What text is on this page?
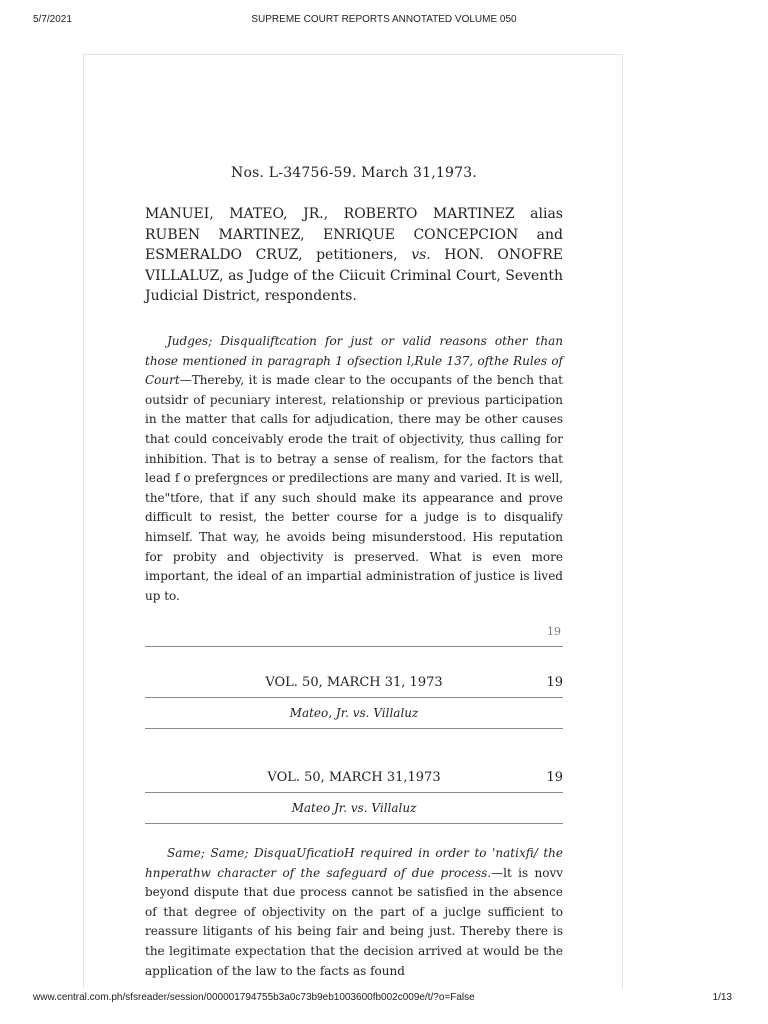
5/7/2021	SUPREME COURT REPORTS ANNOTATED VOLUME 050
Nos. L-34756-59. March 31,1973.
MANUEI, MATEO, JR., ROBERTO MARTINEZ alias RUBEN MARTINEZ, ENRIQUE CONCEPCION and ESMERALDO CRUZ, petitioners, vs. HON. ONOFRE VILLALUZ, as Judge of the Ciicuit Criminal Court, Seventh Judicial District, respondents.
Judges; Disqualiftcation for just or valid reasons other than those mentioned in paragraph 1 ofsection l,Rule 137, ofthe Rules of Court—Thereby, it is made clear to the occupants of the bench that outsidr of pecuniary interest, relationship or previous participation in the matter that calls for adjudication, there may be other causes that could conceivably erode the trait of objectivity, thus calling for inhibition. That is to betray a sense of realism, for the factors that lead f o prefergnces or predilections are many and varied. It is well, the"tfore, that if any such should make its appearance and prove difficult to resist, the better course for a judge is to disqualify himself. That way, he avoids being misunderstood. His reputation for probity and objectivity is preserved. What is even more important, the ideal of an impartial administration of justice is lived up to.
19
VOL. 50, MARCH 31, 1973	19
Mateo, Jr. vs. Villaluz
VOL. 50, MARCH 31,1973	19
Mateo Jr. vs. Villaluz
Same; Same; DisquaUficatioH required in order to 'natixfi/ the hnperathw character of the safeguard of due process.—lt is novv beyond dispute that due process cannot be satisfied in the absence of that degree of objectivity on the part of a juclge sufficient to reassure litigants of his being fair and being just. Thereby there is the legitimate expectation that the decision arrived at would be the application of the law to the facts as found
www.central.com.ph/sfsreader/session/000001794755b3a0c73b9eb1003600fb002c009e/t/?o=False	1/13
